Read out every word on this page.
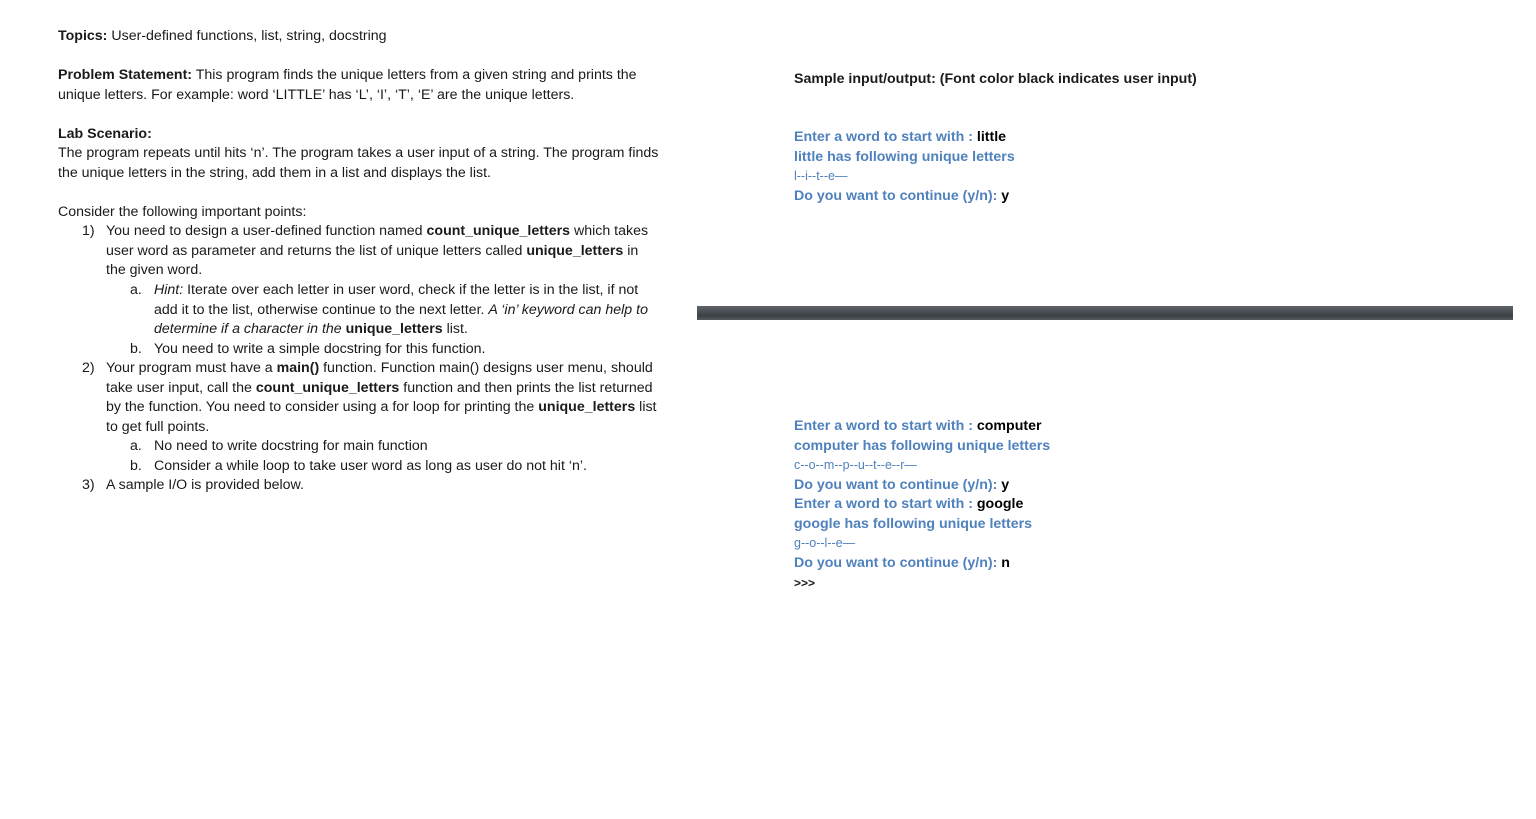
Topics: User-defined functions, list, string, docstring
Problem Statement: This program finds the unique letters from a given string and prints the
unique letters. For example: word ‘LITTLE’ has ‘L’, ‘I’, ‘T’, ‘E’ are the unique letters.
Lab Scenario:
The program repeats until hits ‘n’. The program takes a user input of a string. The program finds
the unique letters in the string, add them in a list and displays the list.
Consider the following important points:
1) You need to design a user-defined function named count_unique_letters which takes
user word as parameter and returns the list of unique letters called unique_letters in
the given word.
a. Hint: Iterate over each letter in user word, check if the letter is in the list, if not
add it to the list, otherwise continue to the next letter. A ‘in’ keyword can help to
determine if a character in the unique_letters list.
b. You need to write a simple docstring for this function.
2) Your program must have a main() function. Function main() designs user menu, should
take user input, call the count_unique_letters function and then prints the list returned
by the function. You need to consider using a for loop for printing the unique_letters list
to get full points.
a. No need to write docstring for main function
b. Consider a while loop to take user word as long as user do not hit ‘n’.
3) A sample I/O is provided below.
Sample input/output: (Font color black indicates user input)
Enter a word to start with : little
little has following unique letters
l--i--t--e—
Do you want to continue (y/n): y
Enter a word to start with : computer
computer has following unique letters
c--o--m--p--u--t--e--r—
Do you want to continue (y/n): y
Enter a word to start with : google
google has following unique letters
g--o--l--e—
Do you want to continue (y/n): n
>>>
